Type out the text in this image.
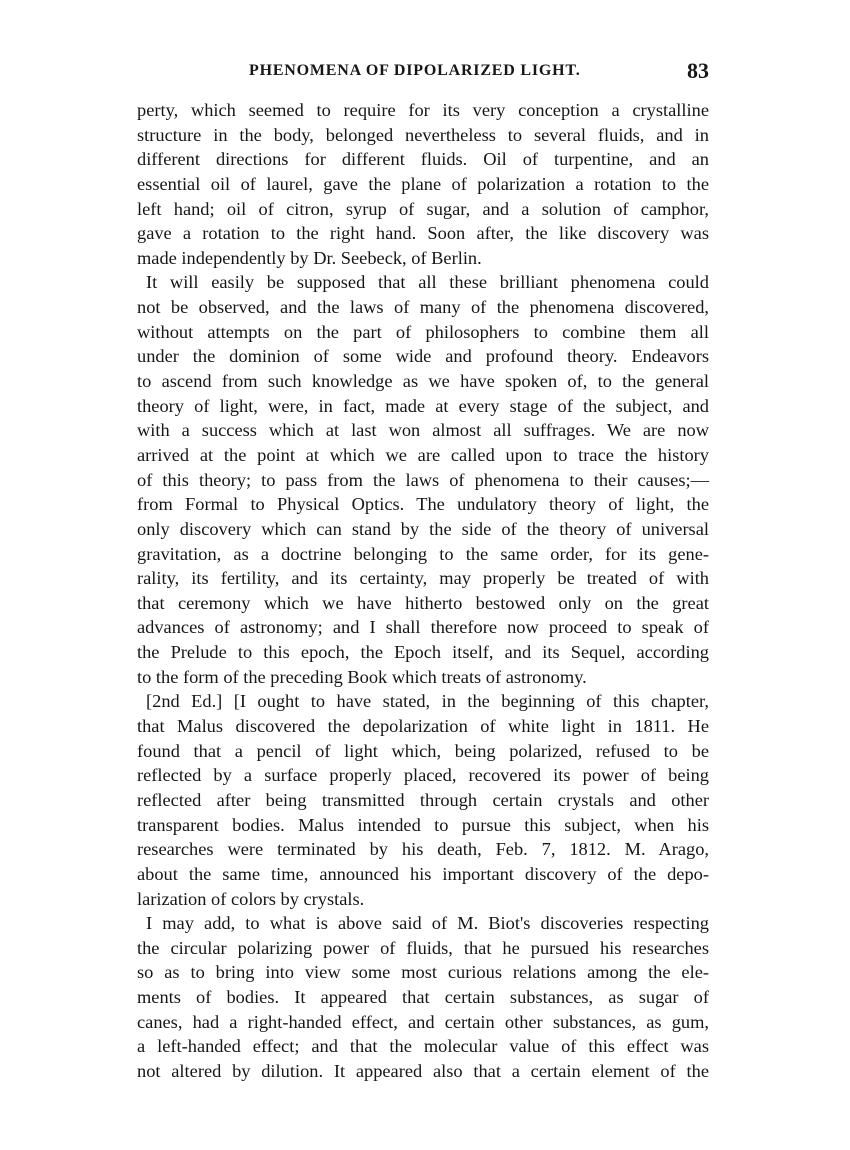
PHENOMENA OF DIPOLARIZED LIGHT.	83
perty, which seemed to require for its very conception a crystalline
structure in the body, belonged nevertheless to several fluids, and in
different directions for different fluids. Oil of turpentine, and an
essential oil of laurel, gave the plane of polarization a rotation to the
left hand; oil of citron, syrup of sugar, and a solution of camphor,
gave a rotation to the right hand. Soon after, the like discovery was
made independently by Dr. Seebeck, of Berlin.
It will easily be supposed that all these brilliant phenomena could
not be observed, and the laws of many of the phenomena discovered,
without attempts on the part of philosophers to combine them all
under the dominion of some wide and profound theory. Endeavors
to ascend from such knowledge as we have spoken of, to the general
theory of light, were, in fact, made at every stage of the subject, and
with a success which at last won almost all suffrages. We are now
arrived at the point at which we are called upon to trace the history
of this theory; to pass from the laws of phenomena to their causes;—
from Formal to Physical Optics. The undulatory theory of light, the
only discovery which can stand by the side of the theory of universal
gravitation, as a doctrine belonging to the same order, for its gene-
rality, its fertility, and its certainty, may properly be treated of with
that ceremony which we have hitherto bestowed only on the great
advances of astronomy; and I shall therefore now proceed to speak of
the Prelude to this epoch, the Epoch itself, and its Sequel, according
to the form of the preceding Book which treats of astronomy.
[2nd Ed.] [I ought to have stated, in the beginning of this chapter,
that Malus discovered the depolarization of white light in 1811. He
found that a pencil of light which, being polarized, refused to be
reflected by a surface properly placed, recovered its power of being
reflected after being transmitted through certain crystals and other
transparent bodies. Malus intended to pursue this subject, when his
researches were terminated by his death, Feb. 7, 1812. M. Arago,
about the same time, announced his important discovery of the depo-
larization of colors by crystals.
I may add, to what is above said of M. Biot's discoveries respecting
the circular polarizing power of fluids, that he pursued his researches
so as to bring into view some most curious relations among the ele-
ments of bodies. It appeared that certain substances, as sugar of
canes, had a right-handed effect, and certain other substances, as gum,
a left-handed effect; and that the molecular value of this effect was
not altered by dilution. It appeared also that a certain element of the
